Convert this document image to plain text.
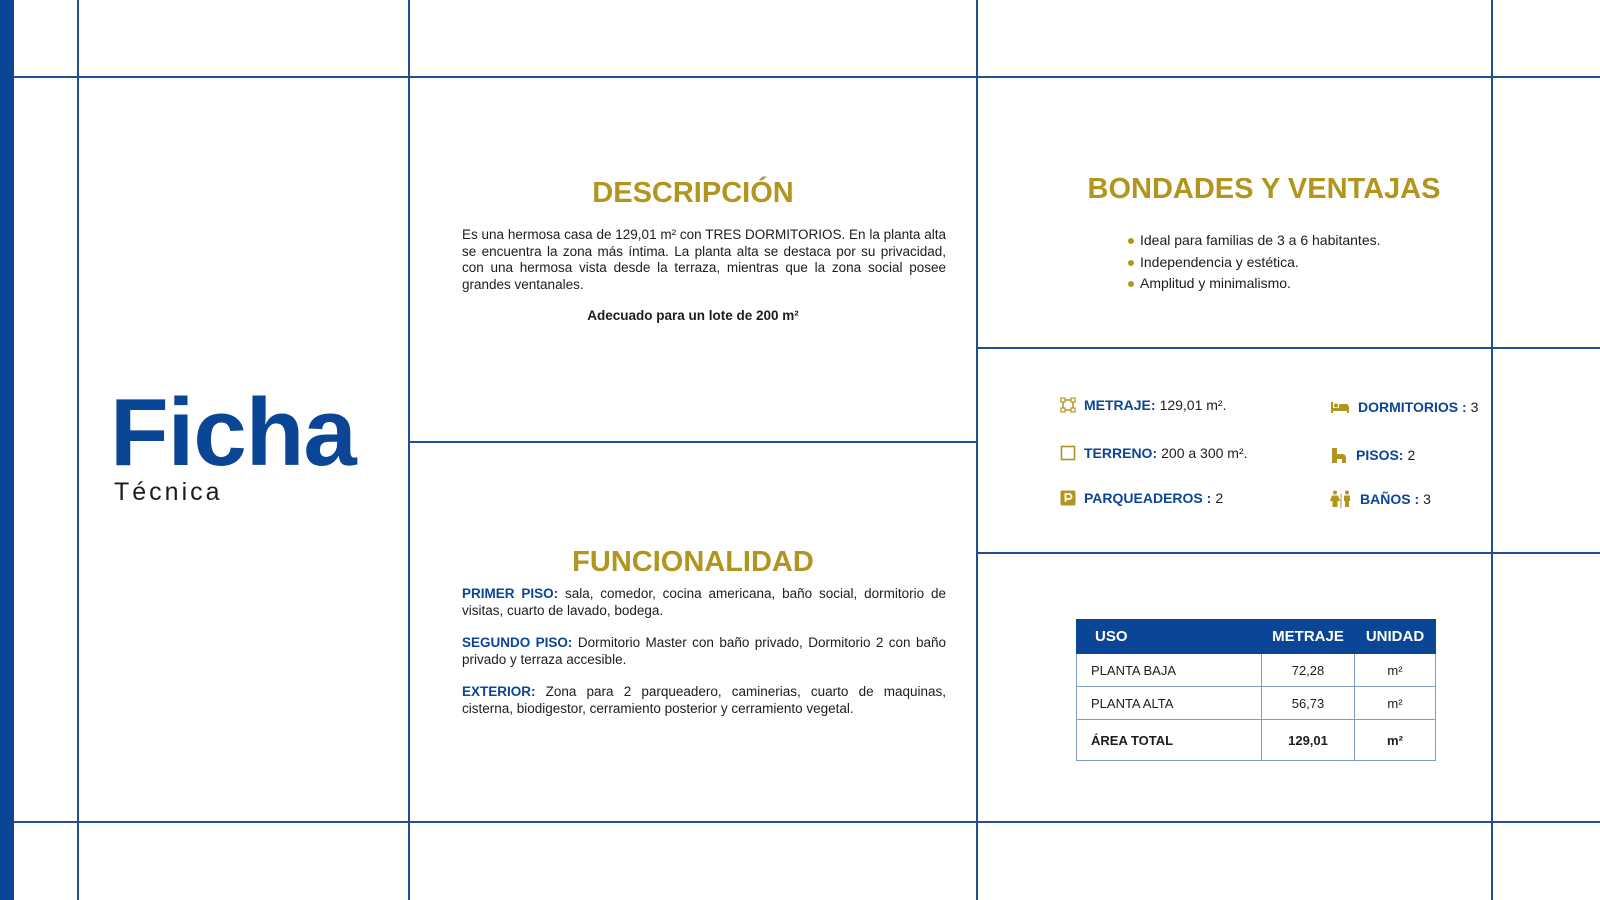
Ficha
Técnica
DESCRIPCIÓN
Es una hermosa casa de 129,01 m² con TRES DORMITORIOS. En la planta alta se encuentra la zona más íntima. La planta alta se destaca por su privacidad, con una hermosa vista desde la terraza, mientras que la zona social posee grandes ventanales.
Adecuado para un lote de 200 m²
FUNCIONALIDAD
PRIMER PISO: sala, comedor, cocina americana, baño social, dormitorio de visitas, cuarto de lavado, bodega.
SEGUNDO PISO: Dormitorio Master con baño privado, Dormitorio 2 con baño privado y terraza accesible.
EXTERIOR: Zona para 2 parqueadero, caminerias, cuarto de maquinas, cisterna, biodigestor, cerramiento posterior y cerramiento vegetal.
BONDADES Y VENTAJAS
Ideal para familias de 3 a 6 habitantes.
Independencia y estética.
Amplitud y minimalismo.
METRAJE: 129,01 m².
TERRENO: 200 a 300 m².
PARQUEADEROS : 2
DORMITORIOS : 3
PISOS: 2
BAÑOS : 3
USO	METRAJE	UNIDAD
PLANTA BAJA	72,28	m²
PLANTA ALTA	56,73	m²
ÁREA TOTAL	129,01	m²
